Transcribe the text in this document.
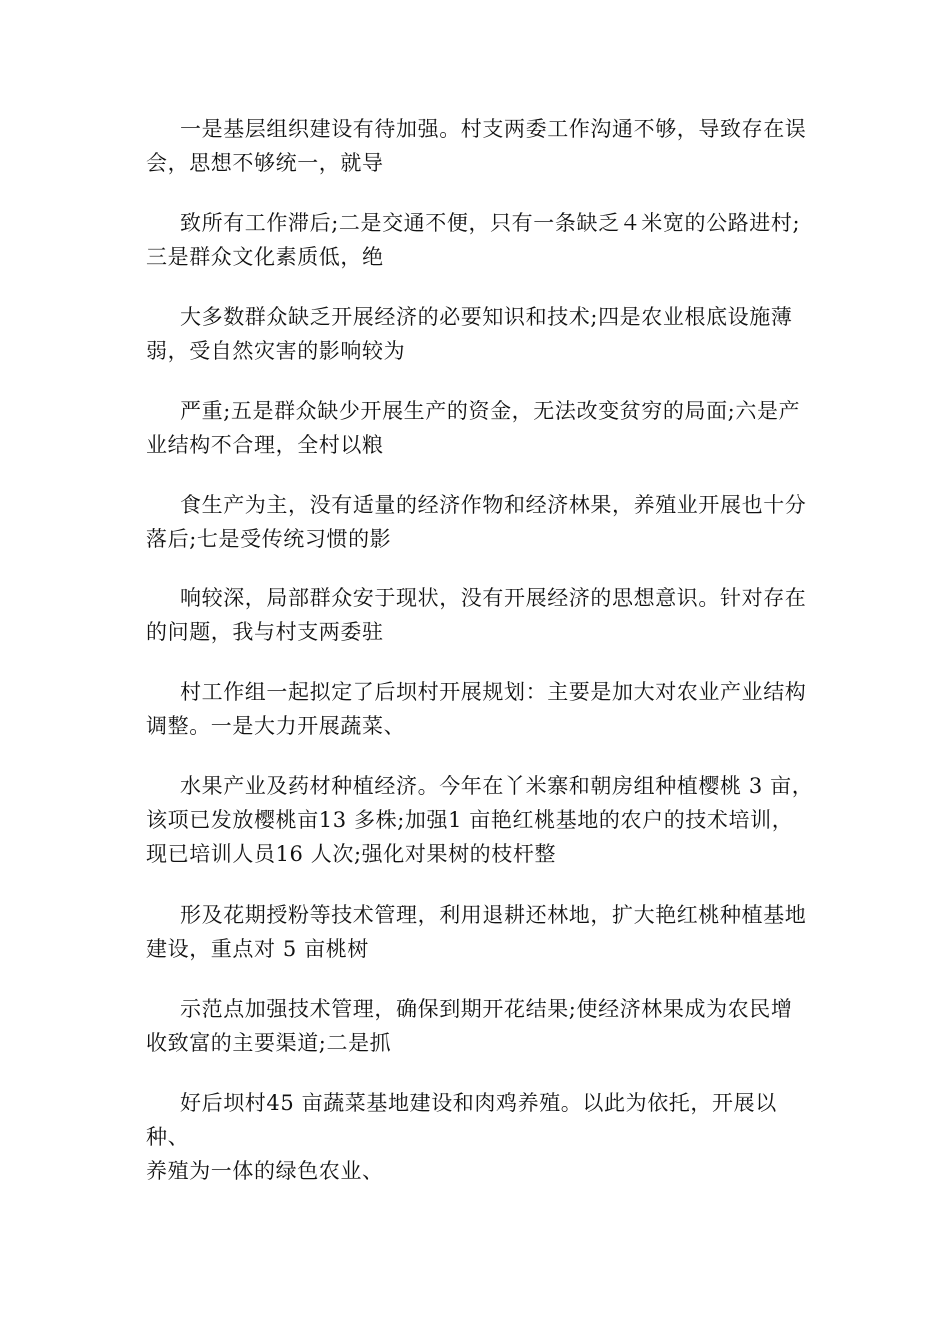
一是基层组织建设有待加强。村支两委工作沟通不够，导致存在误
会，思想不够统一，就导

致所有工作滞后;二是交通不便，只有一条缺乏４米宽的公路进村;
三是群众文化素质低，绝

大多数群众缺乏开展经济的必要知识和技术;四是农业根底设施薄
弱，受自然灾害的影响较为

严重;五是群众缺少开展生产的资金，无法改变贫穷的局面;六是产
业结构不合理，全村以粮

食生产为主，没有适量的经济作物和经济林果，养殖业开展也十分
落后;七是受传统习惯的影

响较深，局部群众安于现状，没有开展经济的思想意识。针对存在
的问题，我与村支两委驻

村工作组一起拟定了后坝村开展规划：主要是加大对农业产业结构
调整。一是大力开展蔬菜、

水果产业及药材种植经济。今年在丫米寨和朝房组种植樱桃 3 亩，
该项已发放樱桃亩13 多株;加强1 亩艳红桃基地的农户的技术培训，
现已培训人员16 人次;强化对果树的枝杆整

形及花期授粉等技术管理，利用退耕还林地，扩大艳红桃种植基地
建设，重点对 5 亩桃树

示范点加强技术管理，确保到期开花结果;使经济林果成为农民增
收致富的主要渠道;二是抓

好后坝村45 亩蔬菜基地建设和肉鸡养殖。以此为依托，开展以种、
养殖为一体的绿色农业、
